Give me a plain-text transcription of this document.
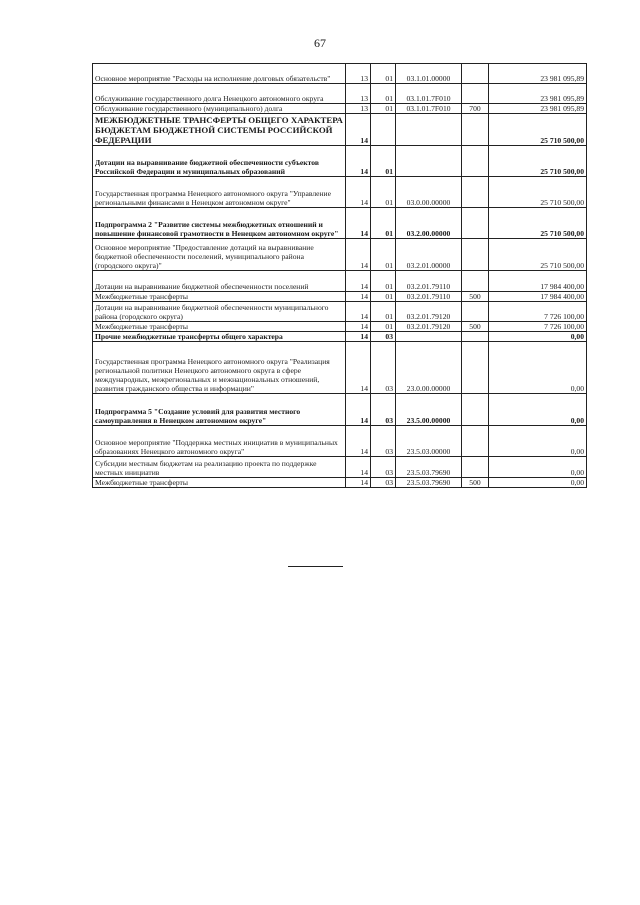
67
Основное мероприятие "Расходы на исполнение долговых обязательств"	13	01	03.1.01.00000		23 981 095,89
Обслуживание государственного долга Ненецкого автономного округа	13	01	03.1.01.7F010		23 981 095,89
Обслуживание государственного (муниципального) долга	13	01	03.1.01.7F010	700	23 981 095,89
МЕЖБЮДЖЕТНЫЕ ТРАНСФЕРТЫ ОБЩЕГО ХАРАКТЕРА БЮДЖЕТАМ БЮДЖЕТНОЙ СИСТЕМЫ РОССИЙСКОЙ ФЕДЕРАЦИИ	14				25 710 500,00
Дотации на выравнивание бюджетной обеспеченности субъектов Российской Федерации и муниципальных образований	14	01			25 710 500,00
Государственная программа Ненецкого автономного округа "Управление региональными финансами в Ненецком автономном округе"	14	01	03.0.00.00000		25 710 500,00
Подпрограмма 2 "Развитие системы межбюджетных отношений и повышение финансовой грамотности в Ненецком автономном округе"	14	01	03.2.00.00000		25 710 500,00
Основное мероприятие "Предоставление дотаций на выравнивание бюджетной обеспеченности поселений, муниципального района (городского округа)"	14	01	03.2.01.00000		25 710 500,00
Дотации на выравнивание бюджетной обеспеченности поселений	14	01	03.2.01.79110		17 984 400,00
Межбюджетные трансферты	14	01	03.2.01.79110	500	17 984 400,00
Дотации на выравнивание бюджетной обеспеченности муниципального района (городского округа)	14	01	03.2.01.79120		7 726 100,00
Межбюджетные трансферты	14	01	03.2.01.79120	500	7 726 100,00
Прочие межбюджетные трансферты общего характера	14	03			0,00
Государственная программа Ненецкого автономного округа "Реализация региональной политики Ненецкого автономного округа в сфере международных, межрегиональных и межнациональных отношений, развития гражданского общества и информации"	14	03	23.0.00.00000		0,00
Подпрограмма 5 "Создание условий для развития местного самоуправления в Ненецком автономном округе"	14	03	23.5.00.00000		0,00
Основное мероприятие "Поддержка местных инициатив в муниципальных образованиях Ненецкого автономного округа"	14	03	23.5.03.00000		0,00
Субсидии местным бюджетам на реализацию проекта по поддержке местных инициатив	14	03	23.5.03.79690		0,00
Межбюджетные трансферты	14	03	23.5.03.79690	500	0,00
